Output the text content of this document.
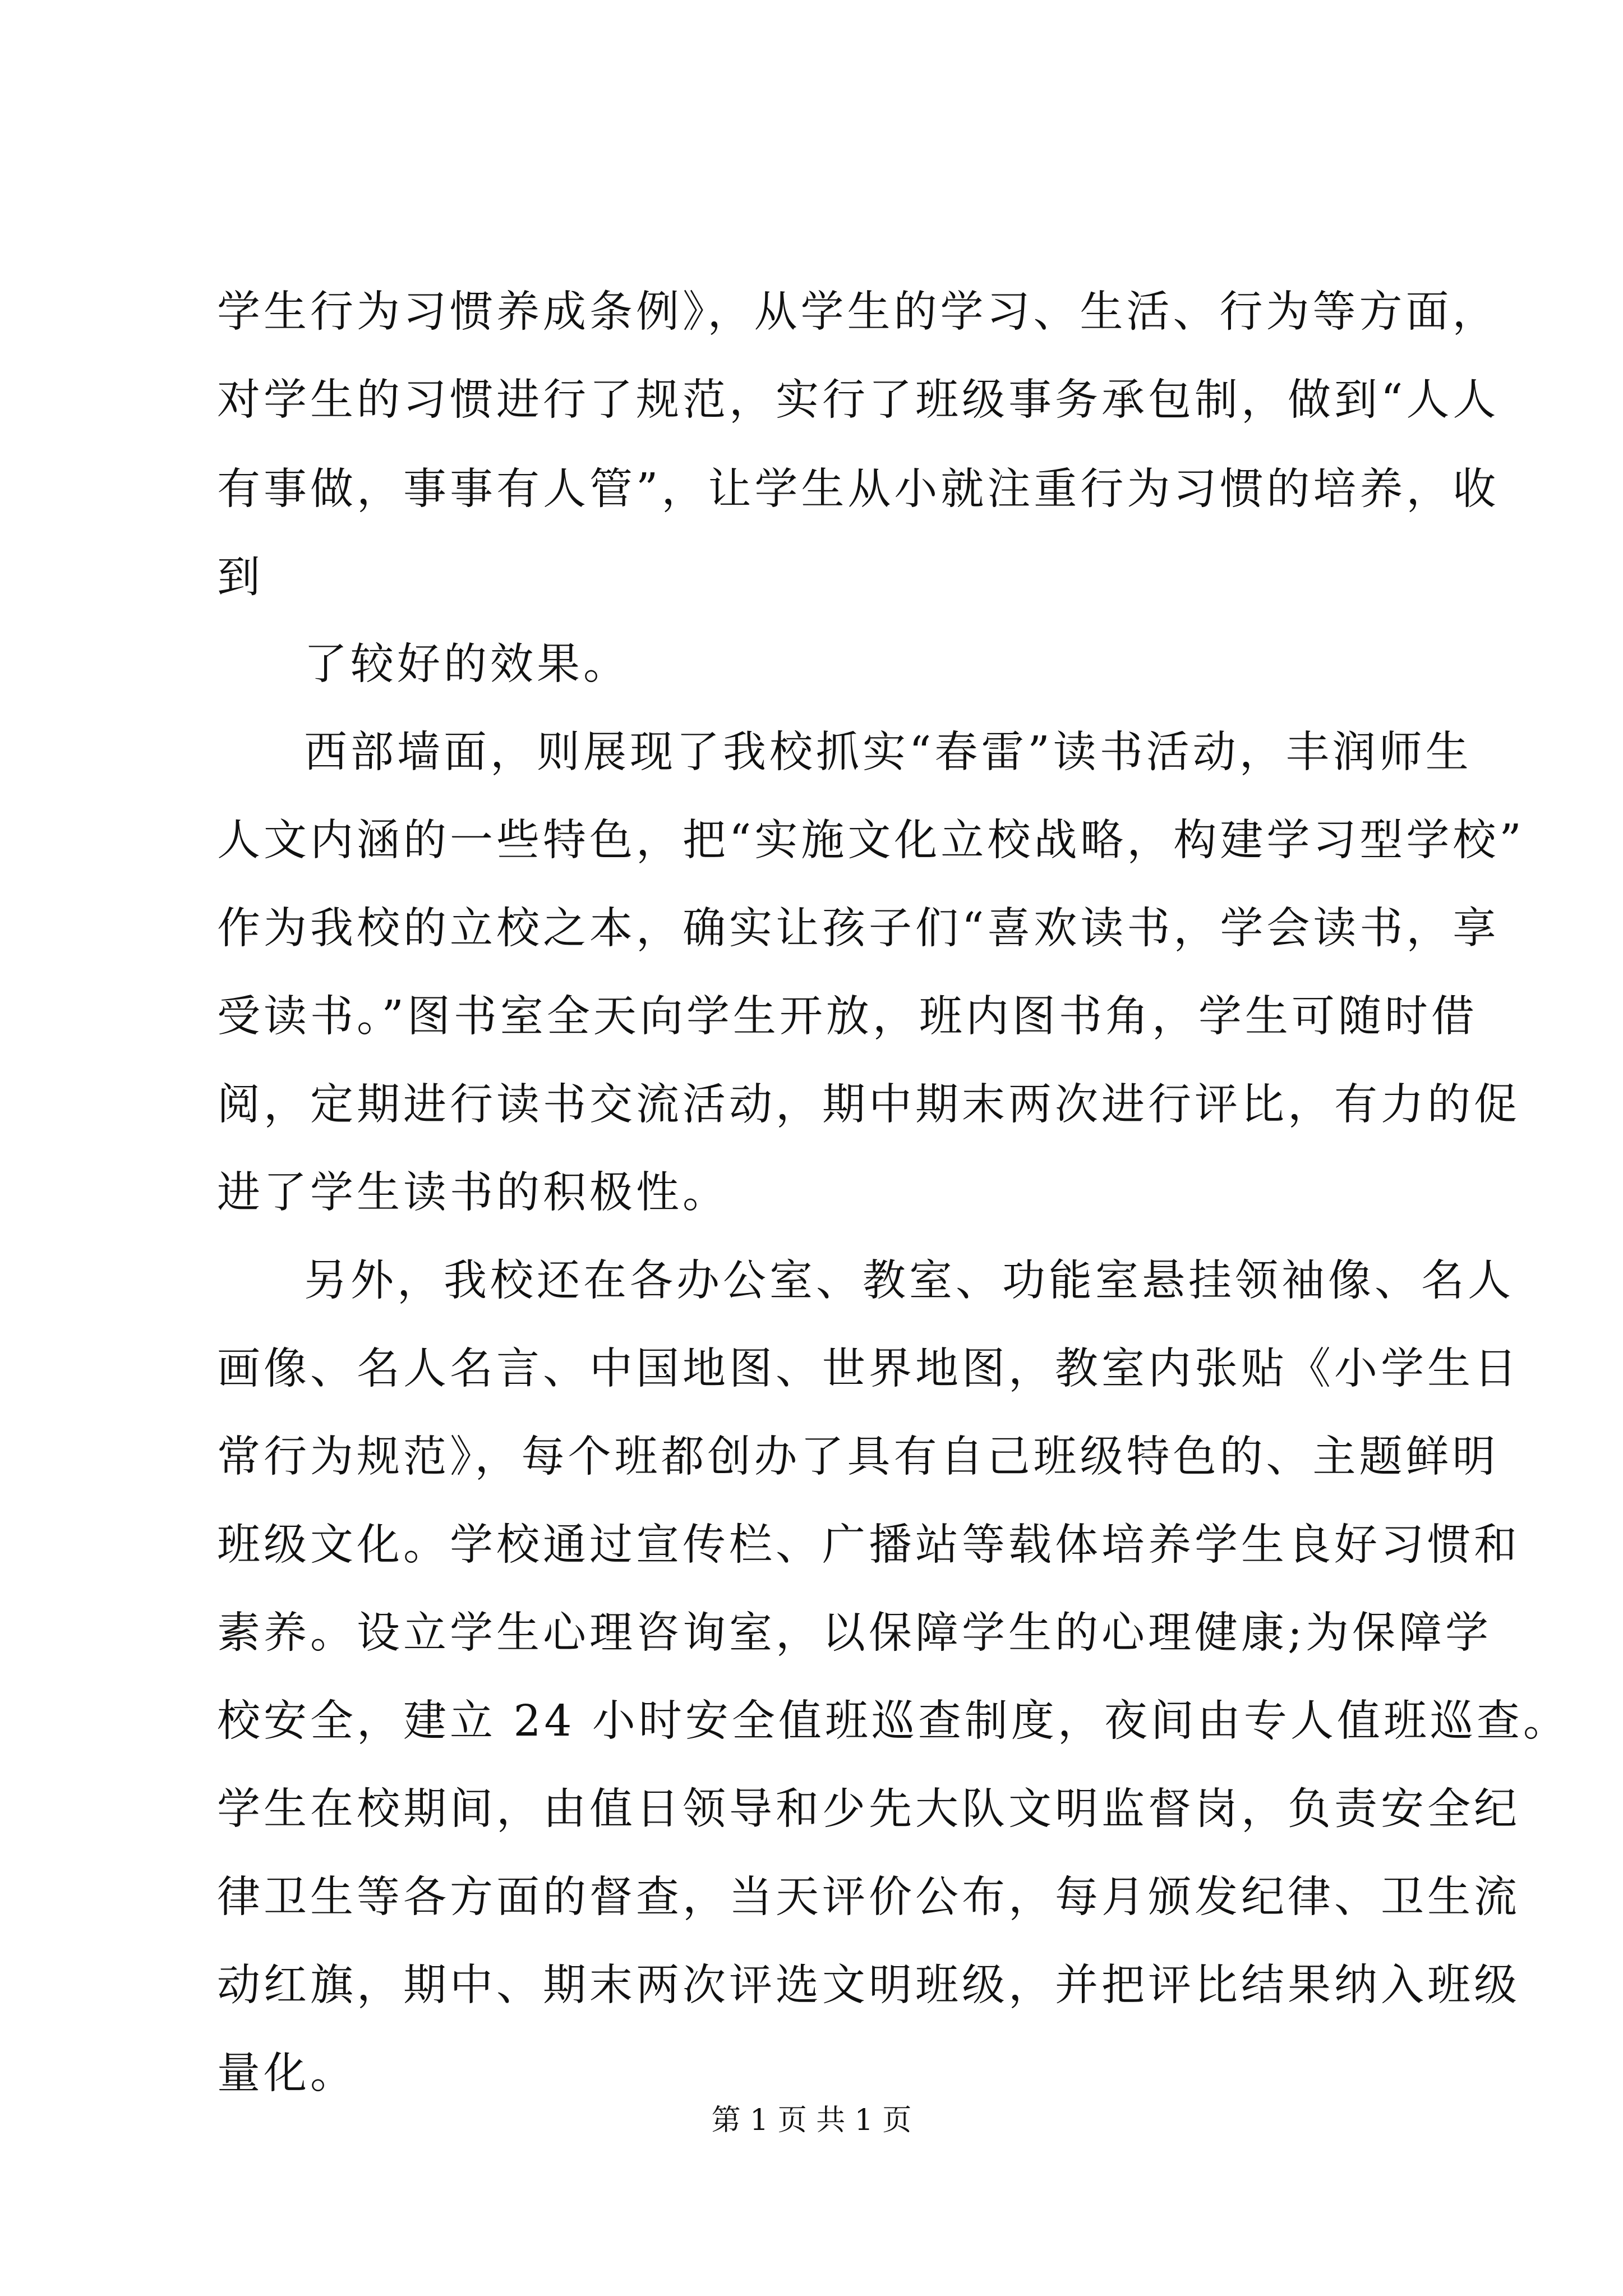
学生行为习惯养成条例》，从学生的学习、生活、行为等方面，
对学生的习惯进行了规范，实行了班级事务承包制，做到“人人
有事做，事事有人管”，让学生从小就注重行为习惯的培养，收
到
了较好的效果。
西部墙面，则展现了我校抓实“春雷”读书活动，丰润师生
人文内涵的一些特色，把“实施文化立校战略，构建学习型学校”
作为我校的立校之本，确实让孩子们“喜欢读书，学会读书，享
受读书。”图书室全天向学生开放，班内图书角，学生可随时借
阅，定期进行读书交流活动，期中期末两次进行评比，有力的促
进了学生读书的积极性。
另外，我校还在各办公室、教室、功能室悬挂领袖像、名人
画像、名人名言、中国地图、世界地图，教室内张贴《小学生日
常行为规范》，每个班都创办了具有自己班级特色的、主题鲜明
班级文化。学校通过宣传栏、广播站等载体培养学生良好习惯和
素养。设立学生心理咨询室，以保障学生的心理健康;为保障学
校安全，建立 24 小时安全值班巡查制度，夜间由专人值班巡查。
学生在校期间，由值日领导和少先大队文明监督岗，负责安全纪
律卫生等各方面的督查，当天评价公布，每月颁发纪律、卫生流
动红旗，期中、期末两次评选文明班级，并把评比结果纳入班级
量化。
第 1 页 共 1 页
